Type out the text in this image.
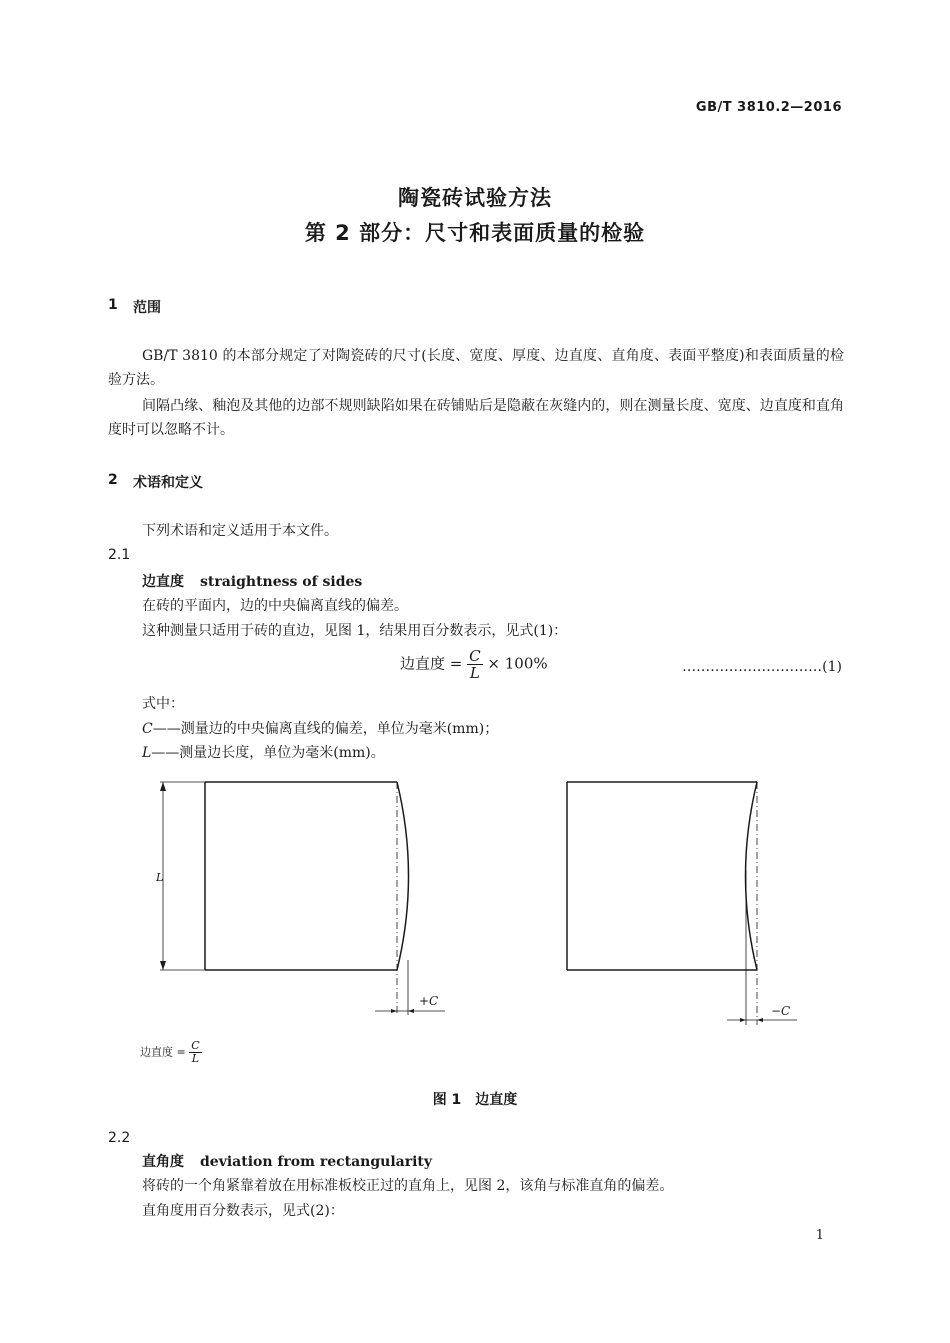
GB/T 3810.2—2016
陶瓷砖试验方法
第 2 部分：尺寸和表面质量的检验
1 范围
GB/T 3810 的本部分规定了对陶瓷砖的尺寸(长度、宽度、厚度、边直度、直角度、表面平整度)和表面质量的检验方法。
间隔凸缘、釉泡及其他的边部不规则缺陷如果在砖铺贴后是隐蔽在灰缝内的，则在测量长度、宽度、边直度和直角度时可以忽略不计。
2 术语和定义
下列术语和定义适用于本文件。
2.1
边直度 straightness of sides
在砖的平面内，边的中央偏离直线的偏差。
这种测量只适用于砖的直边，见图 1，结果用百分数表示，见式(1)：
边直度 = $\frac{C}{L} \times 100\%$	…………………………(1)
式中：
C——测量边的中央偏离直线的偏差，单位为毫米(mm)；
L——测量边长度，单位为毫米(mm)。
L
+C
−C
边直度 = $\frac{C}{L}$
图 1　边直度
2.2
直角度 deviation from rectangularity
将砖的一个角紧靠着放在用标准板校正过的直角上，见图 2，该角与标准直角的偏差。
直角度用百分数表示，见式(2)：
1
